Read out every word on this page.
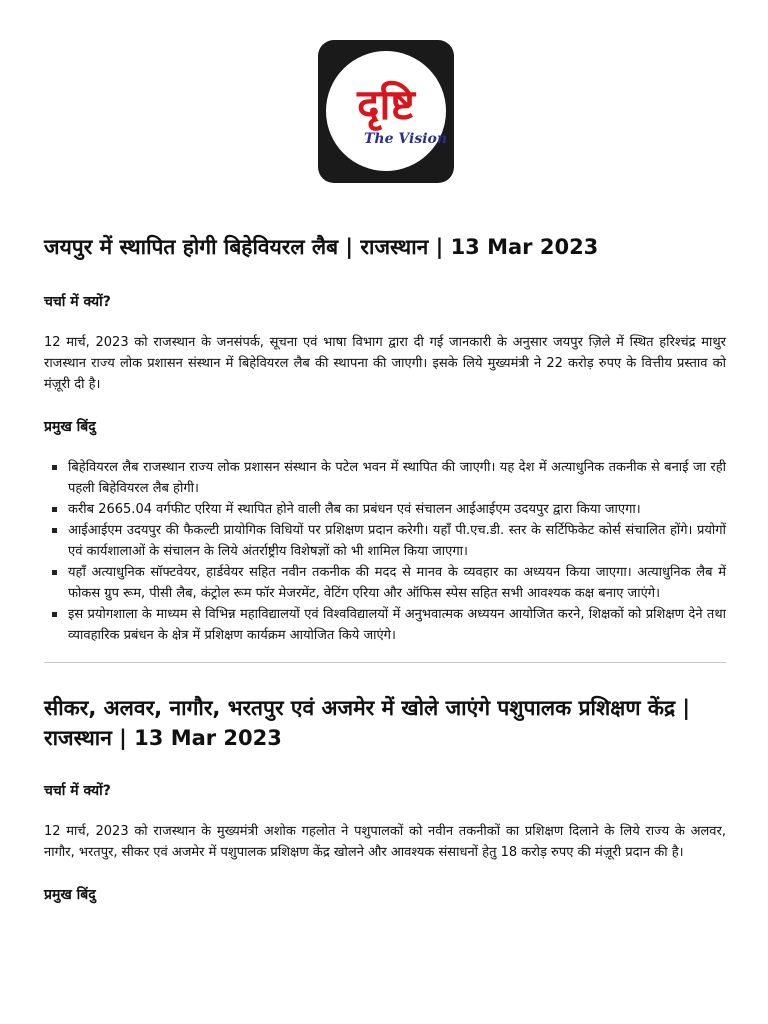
दृष्टि
The Vision
जयपुर में स्थापित होगी बिहेवियरल लैब | राजस्थान | 13 Mar 2023
चर्चा में क्यों?

12 मार्च, 2023 को राजस्थान के जनसंपर्क, सूचना एवं भाषा विभाग द्वारा दी गई जानकारी के अनुसार जयपुर ज़िले में स्थित हरिश्चंद्र माथुर राजस्थान राज्य लोक प्रशासन संस्थान में बिहेवियरल लैब की स्थापना की जाएगी। इसके लिये मुख्यमंत्री ने 22 करोड़ रुपए के वित्तीय प्रस्ताव को मंज़ूरी दी है।

प्रमुख बिंदु
बिहेवियरल लैब राजस्थान राज्य लोक प्रशासन संस्थान के पटेल भवन में स्थापित की जाएगी। यह देश में अत्याधुनिक तकनीक से बनाई जा रही पहली बिहेवियरल लैब होगी।
करीब 2665.04 वर्गफीट एरिया में स्थापित होने वाली लैब का प्रबंधन एवं संचालन आईआईएम उदयपुर द्वारा किया जाएगा।
आईआईएम उदयपुर की फैकल्टी प्रायोगिक विधियों पर प्रशिक्षण प्रदान करेगी। यहाँ पी.एच.डी. स्तर के सर्टिफिकेट कोर्स संचालित होंगे। प्रयोगों एवं कार्यशालाओं के संचालन के लिये अंतर्राष्ट्रीय विशेषज्ञों को भी शामिल किया जाएगा।
यहाँ अत्याधुनिक सॉफ्टवेयर, हार्डवेयर सहित नवीन तकनीक की मदद से मानव के व्यवहार का अध्ययन किया जाएगा। अत्याधुनिक लैब में फोकस ग्रुप रूम, पीसी लैब, कंट्रोल रूम फॉर मेजरमेंट, वेटिंग एरिया और ऑफिस स्पेस सहित सभी आवश्यक कक्ष बनाए जाएंगे।
इस प्रयोगशाला के माध्यम से विभिन्न महाविद्यालयों एवं विश्वविद्यालयों में अनुभवात्मक अध्ययन आयोजित करने, शिक्षकों को प्रशिक्षण देने तथा व्यावहारिक प्रबंधन के क्षेत्र में प्रशिक्षण कार्यक्रम आयोजित किये जाएंगे।
सीकर, अलवर, नागौर, भरतपुर एवं अजमेर में खोले जाएंगे पशुपालक प्रशिक्षण केंद्र | राजस्थान | 13 Mar 2023
चर्चा में क्यों?

12 मार्च, 2023 को राजस्थान के मुख्यमंत्री अशोक गहलोत ने पशुपालकों को नवीन तकनीकों का प्रशिक्षण दिलाने के लिये राज्य के अलवर, नागौर, भरतपुर, सीकर एवं अजमेर में पशुपालक प्रशिक्षण केंद्र खोलने और आवश्यक संसाधनों हेतु 18 करोड़ रुपए की मंज़ूरी प्रदान की है।

प्रमुख बिंदु
